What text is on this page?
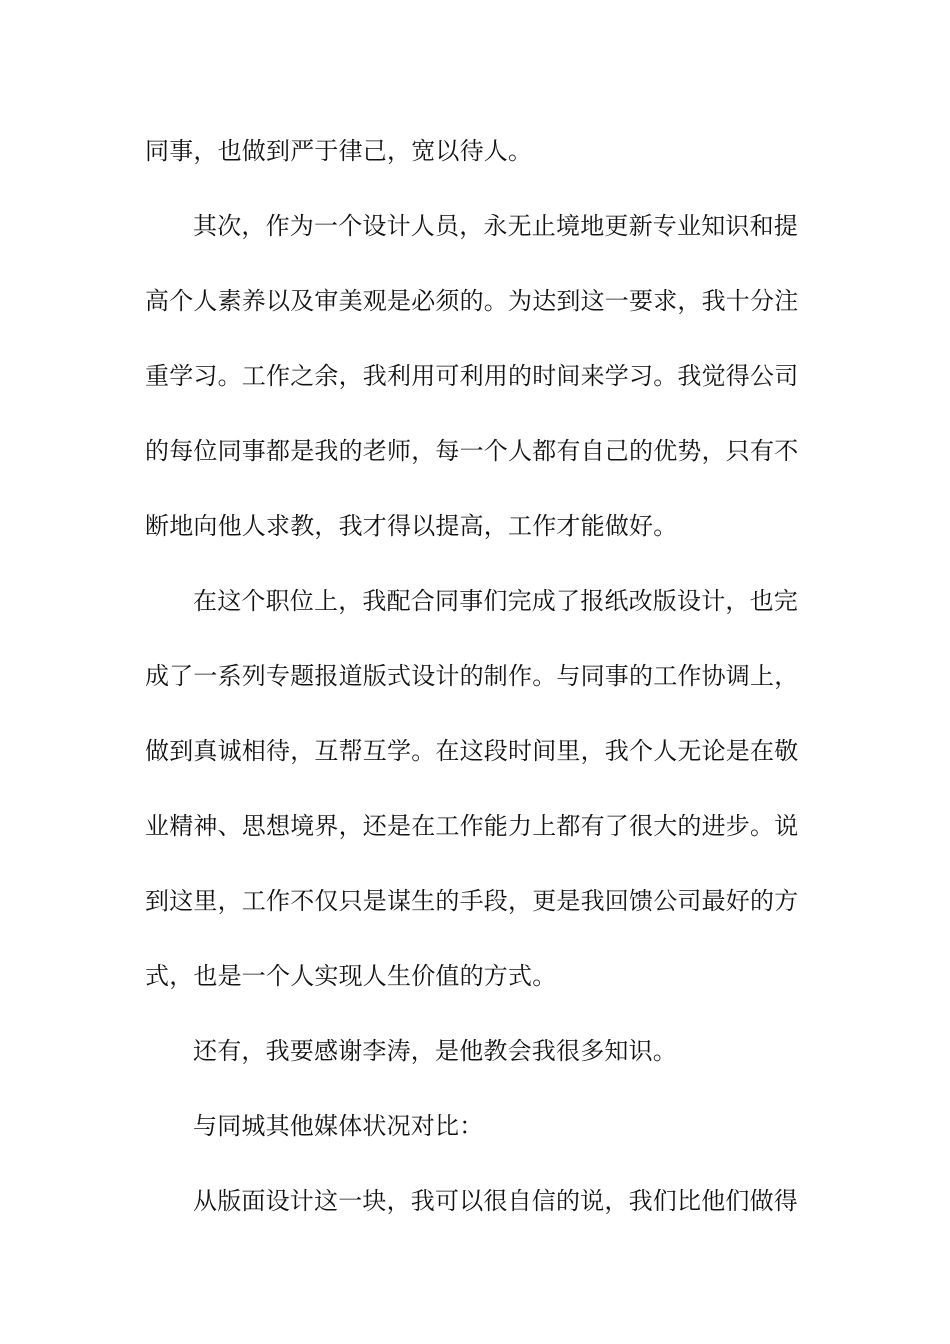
同事，也做到严于律己，宽以待人。
其次，作为一个设计人员，永无止境地更新专业知识和提
高个人素养以及审美观是必须的。为达到这一要求，我十分注
重学习。工作之余，我利用可利用的时间来学习。我觉得公司
的每位同事都是我的老师，每一个人都有自己的优势，只有不
断地向他人求教，我才得以提高，工作才能做好。
在这个职位上，我配合同事们完成了报纸改版设计，也完
成了一系列专题报道版式设计的制作。与同事的工作协调上，
做到真诚相待，互帮互学。在这段时间里，我个人无论是在敬
业精神、思想境界，还是在工作能力上都有了很大的进步。说
到这里，工作不仅只是谋生的手段，更是我回馈公司最好的方
式，也是一个人实现人生价值的方式。
还有，我要感谢李涛，是他教会我很多知识。
与同城其他媒体状况对比：
从版面设计这一块，我可以很自信的说，我们比他们做得
